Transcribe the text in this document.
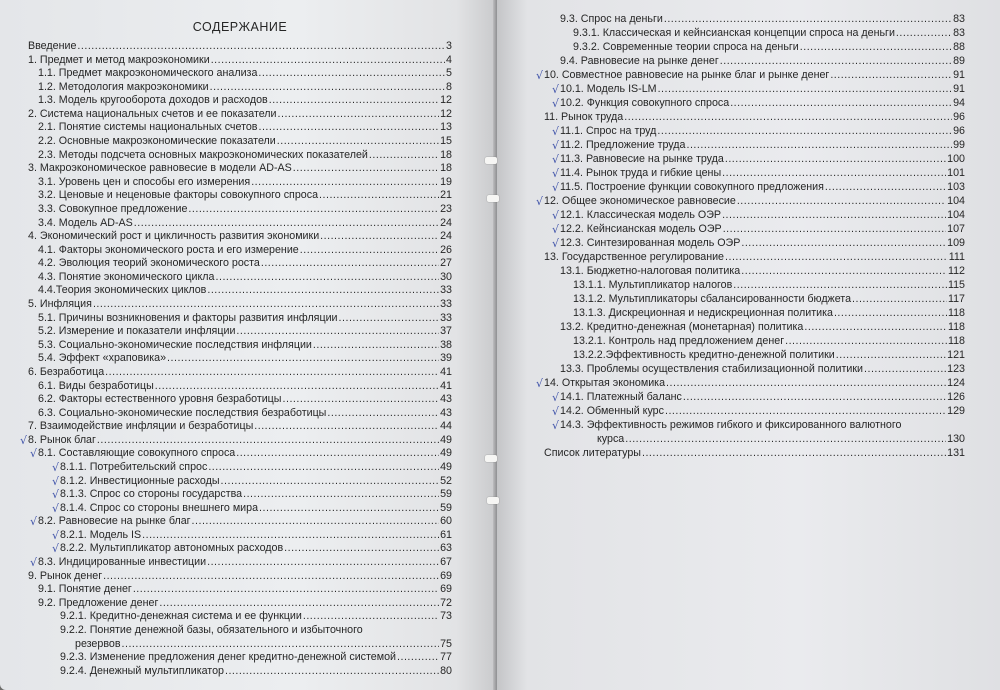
СОДЕРЖАНИЕ
Введение .....	3
1. Предмет и метод макроэкономики .....	4
1.1. Предмет макроэкономического анализа .....	5
1.2. Методология макроэкономики .....	8
1.3. Модель кругооборота доходов и расходов .....	12
2. Система национальных счетов и ее показатели .....	12
2.1. Понятие системы национальных счетов .....	13
2.2. Основные макроэкономические показатели .....	15
2.3. Методы подсчета основных макроэкономических показателей .....	18
3. Макроэкономическое равновесие в модели AD-AS .....	18
3.1. Уровень цен и способы его измерения .....	19
3.2. Ценовые и неценовые факторы совокупного спроса .....	21
3.3. Совокупное предложение .....	23
3.4. Модель AD-AS .....	24
4. Экономический рост и цикличность развития экономики .....	24
4.1. Факторы экономического роста и его измерение .....	26
4.2. Эволюция теорий экономического роста .....	27
4.3. Понятие экономического цикла .....	30
4.4.Теория экономических циклов .....	33
5. Инфляция .....	33
5.1. Причины возникновения и факторы развития инфляции .....	33
5.2. Измерение и показатели инфляции .....	37
5.3. Социально-экономические последствия инфляции .....	38
5.4. Эффект «храповика» .....	39
6. Безработица .....	41
6.1. Виды безработицы .....	41
6.2. Факторы естественного уровня безработицы .....	43
6.3. Социально-экономические последствия безработицы .....	43
7. Взаимодействие инфляции и безработицы .....	44
8. Рынок благ .....	49
√
8.1. Составляющие совокупного спроса .....	49
√
8.1.1. Потребительский спрос .....	49
√
8.1.2. Инвестиционные расходы .....	52
√
8.1.3. Спрос со стороны государства .....	59
√
8.1.4. Спрос со стороны внешнего мира .....	59
√
8.2. Равновесие на рынке благ .....	60
√
8.2.1. Модель IS .....	61
√
8.2.2. Мультипликатор автономных расходов .....	63
√
8.3. Индицированные инвестиции .....	67
√
9. Рынок денег .....	69
9.1. Понятие денег .....	69
9.2. Предложение денег .....	72
9.2.1. Кредитно-денежная система и ее функции .....	73
9.2.2. Понятие денежной базы, обязательного и избыточного
резервов .....	75
9.2.3. Изменение предложения денег кредитно-денежной системой .....	77
9.2.4. Денежный мультипликатор .....	80
9.3. Спрос на деньги .....	83
9.3.1. Классическая и кейнсианская концепции спроса на деньги .....	83
9.3.2. Современные теории спроса на деньги .....	88
9.4. Равновесие на рынке денег .....	89
10. Совместное равновесие на рынке благ и рынке денег .....	91
√
10.1. Модель IS-LM .....	91
√
10.2. Функция совокупного спроса .....	94
√
11. Рынок труда .....	96
11.1. Спрос на труд .....	96
√
11.2. Предложение труда .....	99
√
11.3. Равновесие на рынке труда .....	100
√
11.4. Рынок труда и гибкие цены .....	101
√
11.5. Построение функции совокупного предложения .....	103
√
12. Общее экономическое равновесие .....	104
√
12.1. Классическая модель ОЭР .....	104
√
12.2. Кейнсианская модель ОЭР .....	107
√
12.3. Синтезированная модель ОЭР .....	109
√
13. Государственное регулирование .....	111
13.1. Бюджетно-налоговая политика .....	112
13.1.1. Мультипликатор налогов .....	115
13.1.2. Мультипликаторы сбалансированности бюджета .....	117
13.1.3. Дискреционная и недискреционная политика .....	118
13.2. Кредитно-денежная (монетарная) политика .....	118
13.2.1. Контроль над предложением денег .....	118
13.2.2.Эффективность кредитно-денежной политики .....	121
13.3. Проблемы осуществления стабилизационной политики .....	123
14. Открытая экономика .....	124
√
14.1. Платежный баланс .....	126
√
14.2. Обменный курс .....	129
√
14.3. Эффективность режимов гибкого и фиксированного валютного
√
курса .....	130
Список литературы .....	131
